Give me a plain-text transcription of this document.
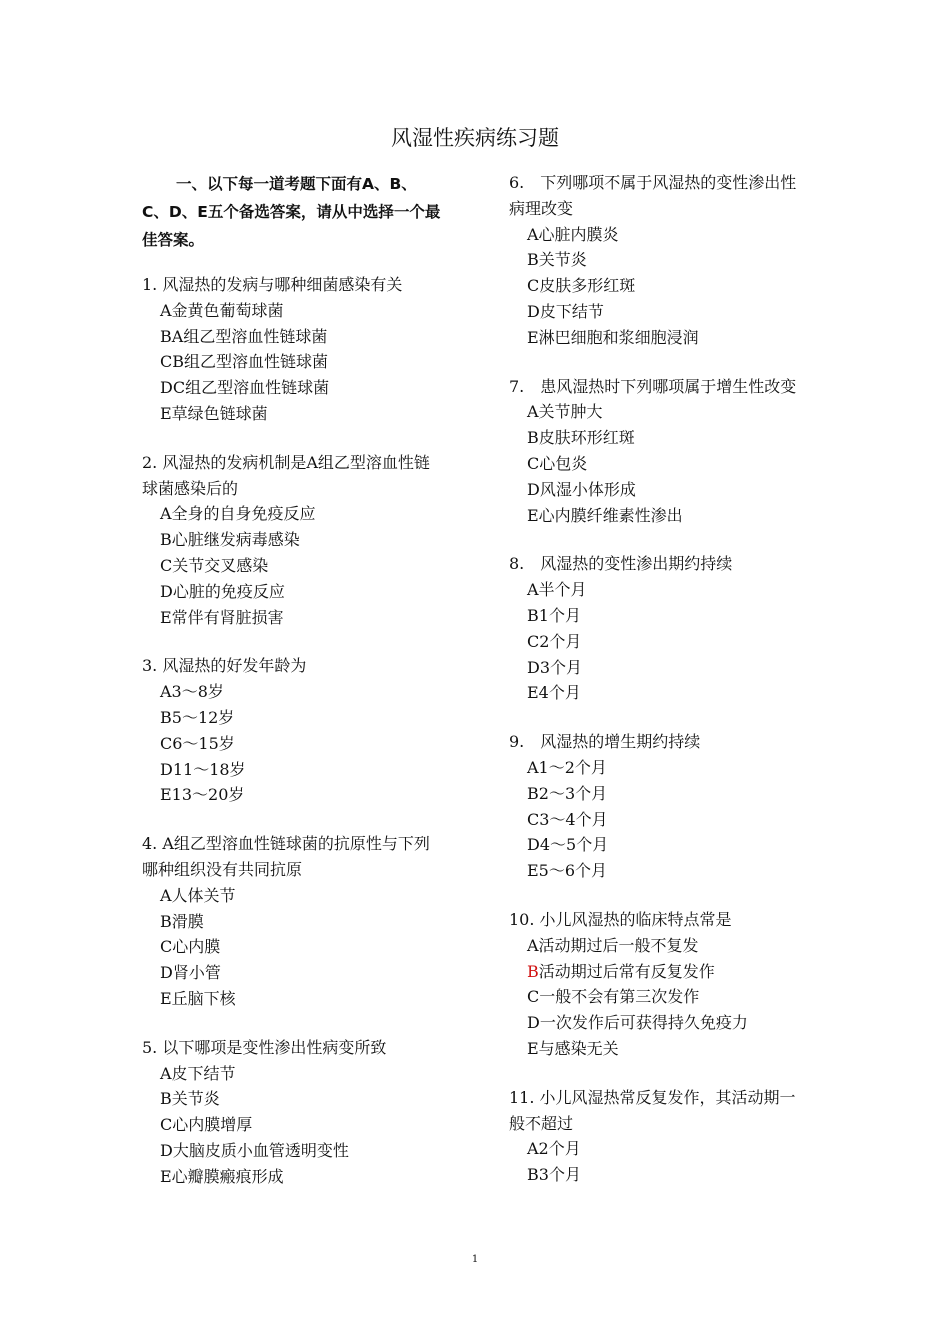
风湿性疾病练习题
一、以下每一道考题下面有A、B、C、D、E五个备选答案，请从中选择一个最佳答案。
1. 风湿热的发病与哪种细菌感染有关
A金黄色葡萄球菌
BA组乙型溶血性链球菌
CB组乙型溶血性链球菌
DC组乙型溶血性链球菌
E草绿色链球菌
2. 风湿热的发病机制是A组乙型溶血性链球菌感染后的
A全身的自身免疫反应
B心脏继发病毒感染
C关节交叉感染
D心脏的免疫反应
E常伴有肾脏损害
3. 风湿热的好发年龄为
A3～8岁
B5～12岁
C6～15岁
D11～18岁
E13～20岁
4. A组乙型溶血性链球菌的抗原性与下列哪种组织没有共同抗原
A人体关节
B滑膜
C心内膜
D肾小管
E丘脑下核
5. 以下哪项是变性渗出性病变所致
A皮下结节
B关节炎
C心内膜增厚
D大脑皮质小血管透明变性
E心瓣膜瘢痕形成
6.　下列哪项不属于风湿热的变性渗出性病理改变
A心脏内膜炎
B关节炎
C皮肤多形红斑
D皮下结节
E淋巴细胞和浆细胞浸润
7.　患风湿热时下列哪项属于增生性改变
A关节肿大
B皮肤环形红斑
C心包炎
D风湿小体形成
E心内膜纤维素性渗出
8.　风湿热的变性渗出期约持续
A半个月
B1个月
C2个月
D3个月
E4个月
9.　风湿热的增生期约持续
A1～2个月
B2～3个月
C3～4个月
D4～5个月
E5～6个月
10. 小儿风湿热的临床特点常是
A活动期过后一般不复发
B活动期过后常有反复发作
C一般不会有第三次发作
D一次发作后可获得持久免疫力
E与感染无关
11. 小儿风湿热常反复发作，其活动期一般不超过
A2个月
B3个月
1
